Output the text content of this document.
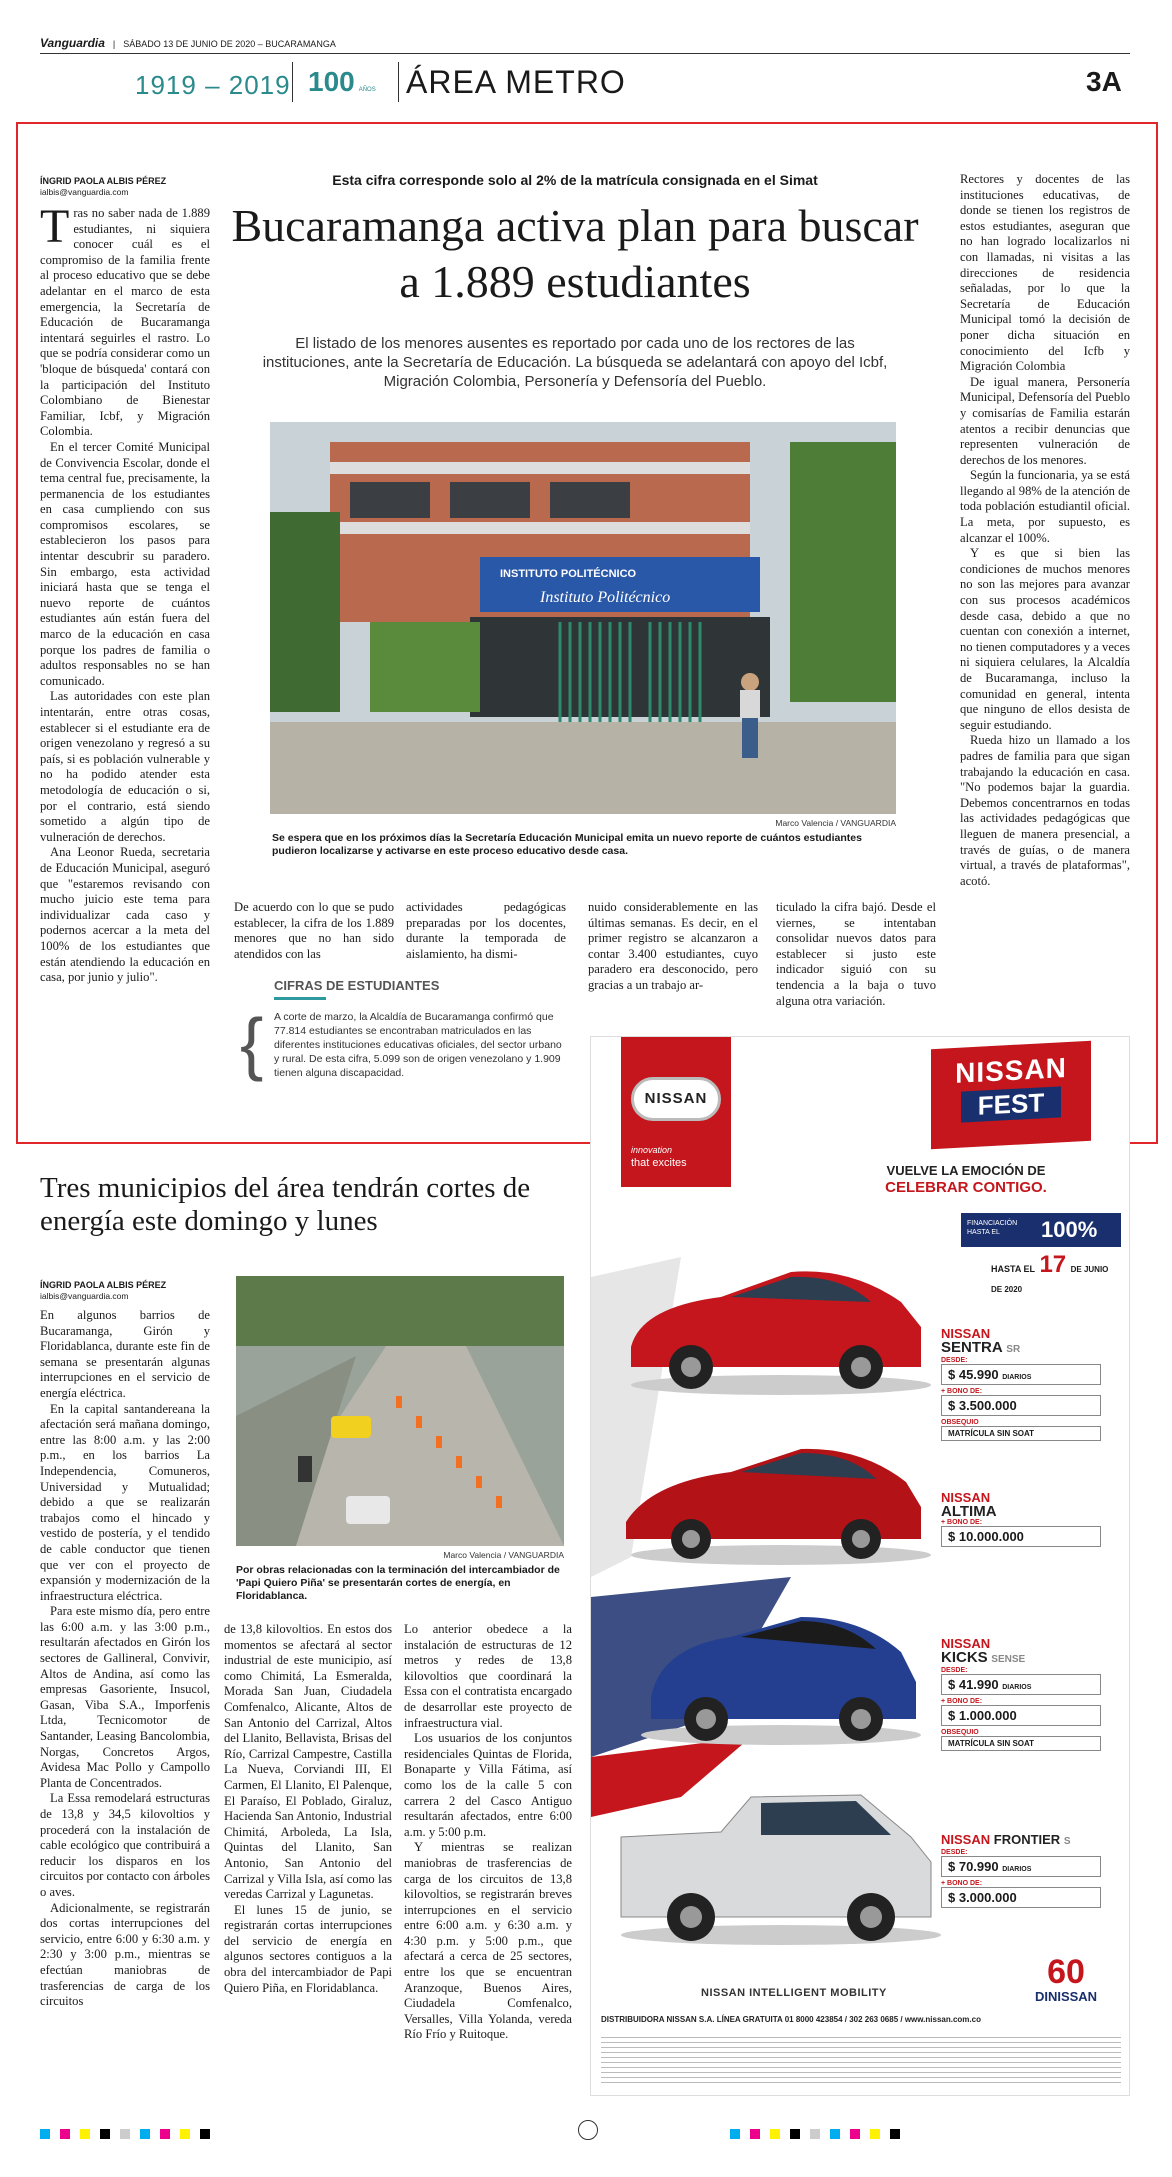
Vanguardia | SÁBADO 13 DE JUNIO DE 2020 – BUCARAMANGA
1919 – 2019 100 AÑOS ÁREA METRO	3A
ÍNGRID PAOLA ALBIS PÉREZ
ialbis@vanguardia.com

Tras no saber nada de 1.889 estudiantes, ni siquiera conocer cuál es el compromiso de la familia frente al proceso educativo que se debe adelantar en el marco de esta emergencia, la Secretaría de Educación de Bucaramanga intentará seguirles el rastro. Lo que se podría considerar como un 'bloque de búsqueda' contará con la participación del Instituto Colombiano de Bienestar Familiar, Icbf, y Migración Colombia.

En el tercer Comité Municipal de Convivencia Escolar, donde el tema central fue, precisamente, la permanencia de los estudiantes en casa cumpliendo con sus compromisos escolares, se establecieron los pasos para intentar descubrir su paradero. Sin embargo, esta actividad iniciará hasta que se tenga el nuevo reporte de cuántos estudiantes aún están fuera del marco de la educación en casa porque los padres de familia o adultos responsables no se han comunicado.

Las autoridades con este plan intentarán, entre otras cosas, establecer si el estudiante era de origen venezolano y regresó a su país, si es población vulnerable y no ha podido atender esta metodología de educación o si, por el contrario, está siendo sometido a algún tipo de vulneración de derechos.

Ana Leonor Rueda, secretaria de Educación Municipal, aseguró que "estaremos revisando con mucho juicio este tema para individualizar cada caso y podernos acercar a la meta del 100% de los estudiantes que están atendiendo la educación en casa, por junio y julio".

Esta cifra corresponde solo al 2% de la matrícula consignada en el Simat
Bucaramanga activa plan para buscar a 1.889 estudiantes
El listado de los menores ausentes es reportado por cada uno de los rectores de las instituciones, ante la Secretaría de Educación. La búsqueda se adelantará con apoyo del Icbf, Migración Colombia, Personería y Defensoría del Pueblo.
INSTITUTO POLITÉCNICO
Instituto Politécnico
Marco Valencia / VANGUARDIA
Se espera que en los próximos días la Secretaría Educación Municipal emita un nuevo reporte de cuántos estudiantes pudieron localizarse y activarse en este proceso educativo desde casa.

De acuerdo con lo que se pudo establecer, la cifra de los 1.889 menores que no han sido atendidos con las

actividades pedagógicas preparadas por los docentes, durante la temporada de aislamiento, ha dismi-

nuido considerablemente en las últimas semanas. Es decir, en el primer registro se alcanzaron a contar 3.400 estudiantes, cuyo paradero era desconocido, pero gracias a un trabajo ar-

ticulado la cifra bajó. Desde el viernes, se intentaban consolidar nuevos datos para establecer si justo este indicador siguió con su tendencia a la baja o tuvo alguna otra variación.

CIFRAS DE ESTUDIANTES
A corte de marzo, la Alcaldía de Bucaramanga confirmó que 77.814 estudiantes se encontraban matriculados en las diferentes instituciones educativas oficiales, del sector urbano y rural. De esta cifra, 5.099 son de origen venezolano y 1.909 tienen alguna discapacidad.
{

Rectores y docentes de las instituciones educativas, de donde se tienen los registros de estos estudiantes, aseguran que no han logrado localizarlos ni con llamadas, ni visitas a las direcciones de residencia señaladas, por lo que la Secretaría de Educación Municipal tomó la decisión de poner dicha situación en conocimiento del Icfb y Migración Colombia

De igual manera, Personería Municipal, Defensoría del Pueblo y comisarías de Familia estarán atentos a recibir denuncias que representen vulneración de derechos de los menores.

Según la funcionaria, ya se está llegando al 98% de la atención de toda población estudiantil oficial. La meta, por supuesto, es alcanzar el 100%.

Y es que si bien las condiciones de muchos menores no son las mejores para avanzar con sus procesos académicos desde casa, debido a que no cuentan con conexión a internet, no tienen computadores y a veces ni siquiera celulares, la Alcaldía de Bucaramanga, incluso la comunidad en general, intenta que ninguno de ellos desista de seguir estudiando.

Rueda hizo un llamado a los padres de familia para que sigan trabajando la educación en casa. "No podemos bajar la guardia. Debemos concentrarnos en todas las actividades pedagógicas que lleguen de manera presencial, a través de guías, o de manera virtual, a través de plataformas", acotó.

Tres municipios del área tendrán cortes de energía este domingo y lunes
ÍNGRID PAOLA ALBIS PÉREZ
ialbis@vanguardia.com

En algunos barrios de Bucaramanga, Girón y Floridablanca, durante este fin de semana se presentarán algunas interrupciones en el servicio de energía eléctrica.

En la capital santandereana la afectación será mañana domingo, entre las 8:00 a.m. y las 2:00 p.m., en los barrios La Independencia, Comuneros, Universidad y Mutualidad; debido a que se realizarán trabajos como el hincado y vestido de postería, y el tendido de cable conductor que tienen que ver con el proyecto de expansión y modernización de la infraestructura eléctrica.

Para este mismo día, pero entre las 6:00 a.m. y las 3:00 p.m., resultarán afectados en Girón los sectores de Gallineral, Convivir, Altos de Andina, así como las empresas Gasoriente, Insucol, Gasan, Viba S.A., Imporfenis Ltda, Tecnicomotor de Santander, Leasing Bancolombia, Norgas, Concretos Argos, Avidesa Mac Pollo y Campollo Planta de Concentrados.

La Essa remodelará estructuras de 13,8 y 34,5 kilovoltios y procederá con la instalación de cable ecológico que contribuirá a reducir los disparos en los circuitos por contacto con árboles o aves.

Adicionalmente, se registrarán dos cortas interrupciones del servicio, entre 6:00 y 6:30 a.m. y 2:30 y 3:00 p.m., mientras se efectúan maniobras de trasferencias de carga de los circuitos

Marco Valencia / VANGUARDIA
Por obras relacionadas con la terminación del intercambiador de 'Papi Quiero Piña' se presentarán cortes de energía, en Floridablanca.

de 13,8 kilovoltios. En estos dos momentos se afectará al sector industrial de este municipio, así como Chimitá, La Esmeralda, Morada San Juan, Ciudadela Comfenalco, Alicante, Altos de San Antonio del Carrizal, Altos del Llanito, Bellavista, Brisas del Río, Carrizal Campestre, Castilla La Nueva, Corviandi III, El Carmen, El Llanito, El Palenque, El Paraíso, El Poblado, Giraluz, Hacienda San Antonio, Industrial Chimitá, Arboleda, La Isla, Quintas del Llanito, San Antonio, San Antonio del Carrizal y Villa Isla, así como las veredas Carrizal y Lagunetas.

El lunes 15 de junio, se registrarán cortas interrupciones del servicio de energía en algunos sectores contiguos a la obra del intercambiador de Papi Quiero Piña, en Floridablanca.

Lo anterior obedece a la instalación de estructuras de 12 metros y redes de 13,8 kilovoltios que coordinará la Essa con el contratista encargado de desarrollar este proyecto de infraestructura vial.

Los usuarios de los conjuntos residenciales Quintas de Florida, Bonaparte y Villa Fátima, así como los de la calle 5 con carrera 2 del Casco Antiguo resultarán afectados, entre 6:00 a.m. y 5:00 p.m.

Y mientras se realizan maniobras de trasferencias de carga de los circuitos de 13,8 kilovoltios, se registrarán breves interrupciones en el servicio entre 6:00 a.m. y 6:30 a.m. y 4:30 p.m. y 5:00 p.m., que afectará a cerca de 25 sectores, entre los que se encuentran Aranzoque, Buenos Aires, Ciudadela Comfenalco, Versalles, Villa Yolanda, vereda Río Frío y Ruitoque.

NISSAN
innovation
that excites
NISSAN
FEST
VUELVE LA EMOCIÓN DE
CELEBRAR CONTIGO.
FINANCIACIÓN HASTA EL	100%
HASTA EL 17 DE JUNIO DE 2020
NISSAN
SENTRA SR
DESDE:
$ 45.990 DIARIOS
+ BONO DE:
$ 3.500.000
OBSEQUIO
MATRÍCULA SIN SOAT
NISSAN
ALTIMA
+ BONO DE:
$ 10.000.000
NISSAN
KICKS SENSE
DESDE:
$ 41.990 DIARIOS
+ BONO DE:
$ 1.000.000
OBSEQUIO
MATRÍCULA SIN SOAT
NISSAN FRONTIER S
DESDE:
$ 70.990 DIARIOS
+ BONO DE:
$ 3.000.000
60
DINISSAN
NISSAN INTELLIGENT MOBILITY
DISTRIBUIDORA NISSAN S.A. LÍNEA GRATUITA 01 8000 423854 / 302 263 0685 / www.nissan.com.co
